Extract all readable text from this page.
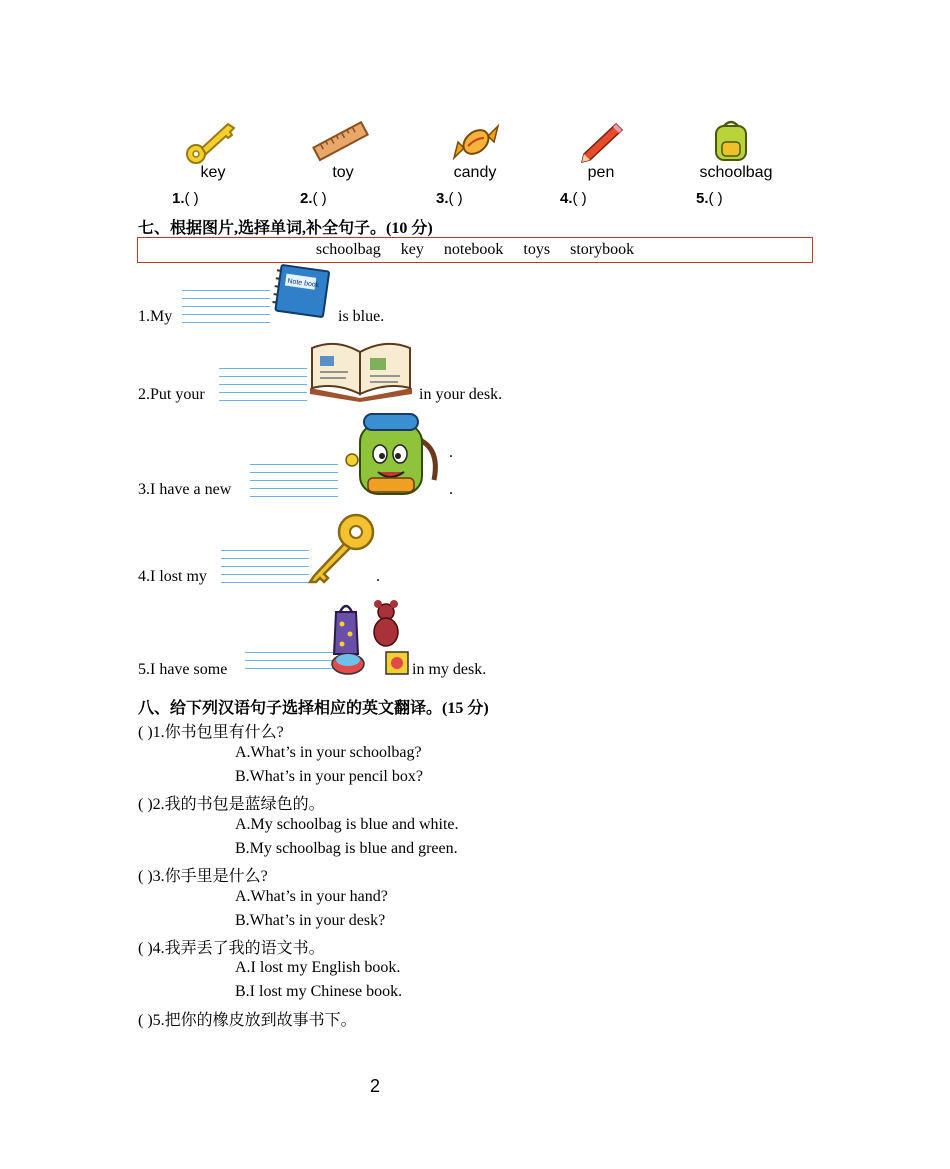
key	toy	candy	pen	schoolbag
1.( )	2.( )	3.( )	4.( )	5.( )
七、根据图片,选择单词,补全句子。(10 分)
schoolbag key notebook toys storybook
1.My
Note book
is blue.
2.Put your	in your desk.
3.I have a new
.
.
4.I lost my	.
5.I have some	in my desk.
八、给下列汉语句子选择相应的英文翻译。(15 分)
( )1.你书包里有什么?
A.What’s in your schoolbag?
B.What’s in your pencil box?
( )2.我的书包是蓝绿色的。
A.My schoolbag is blue and white.
B.My schoolbag is blue and green.
( )3.你手里是什么?
A.What’s in your hand?
B.What’s in your desk?
( )4.我弄丢了我的语文书。
A.I lost my English book.
B.I lost my Chinese book.
( )5.把你的橡皮放到故事书下。
2
